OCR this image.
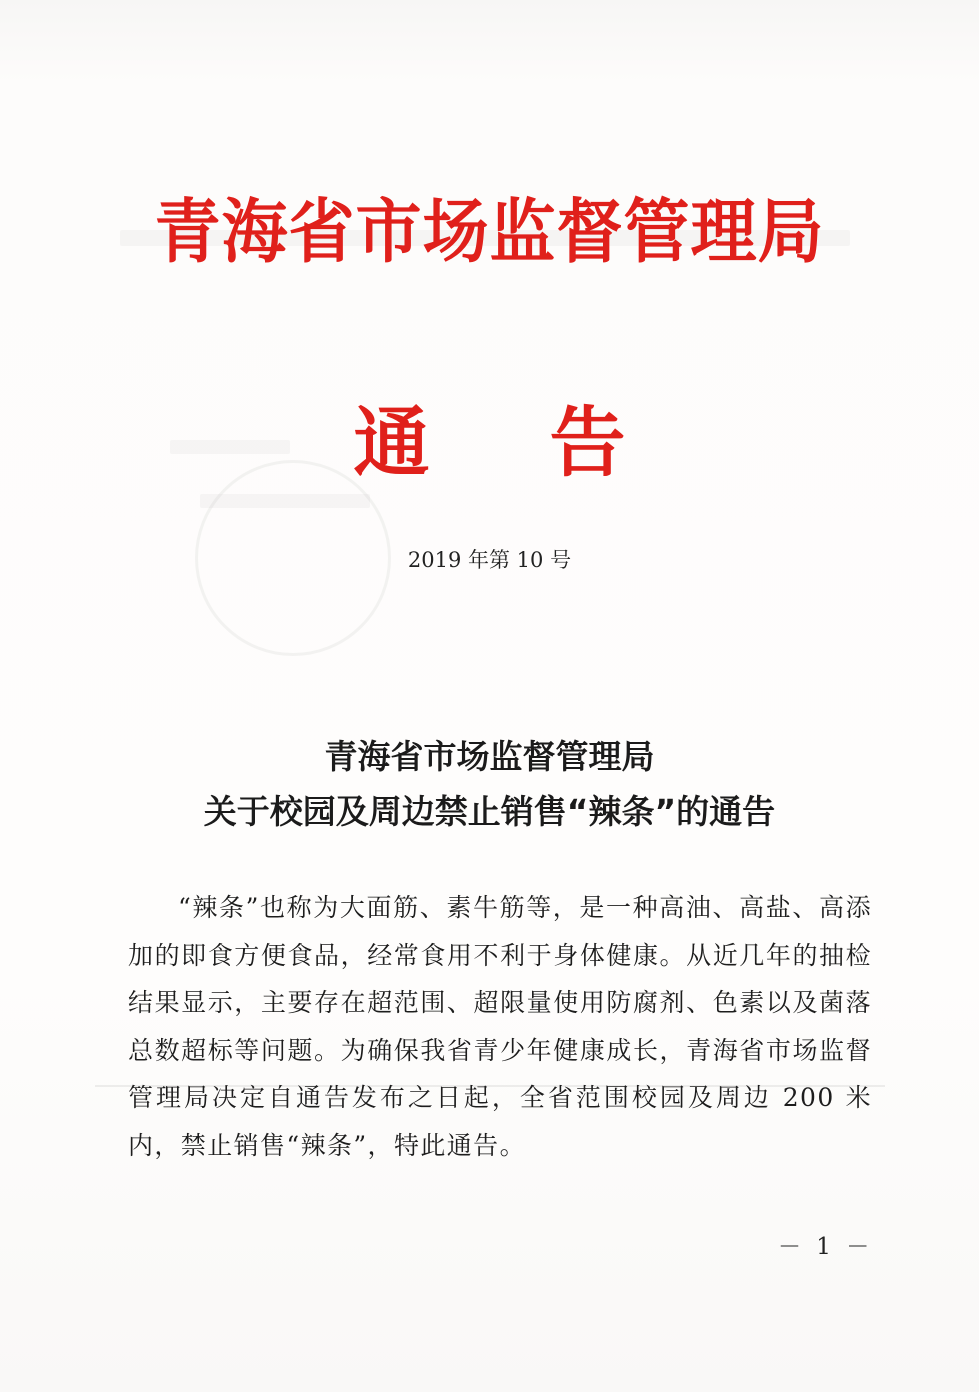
青海省市场监督管理局
通 告
2019 年第 10 号
青海省市场监督管理局
关于校园及周边禁止销售“辣条”的通告

“辣条”也称为大面筋、素牛筋等，是一种高油、高盐、高添加的即食方便食品，经常食用不利于身体健康。从近几年的抽检结果显示，主要存在超范围、超限量使用防腐剂、色素以及菌落总数超标等问题。为确保我省青少年健康成长，青海省市场监督管理局决定自通告发布之日起，全省范围校园及周边 200 米内，禁止销售“辣条”，特此通告。

－ 1 －
